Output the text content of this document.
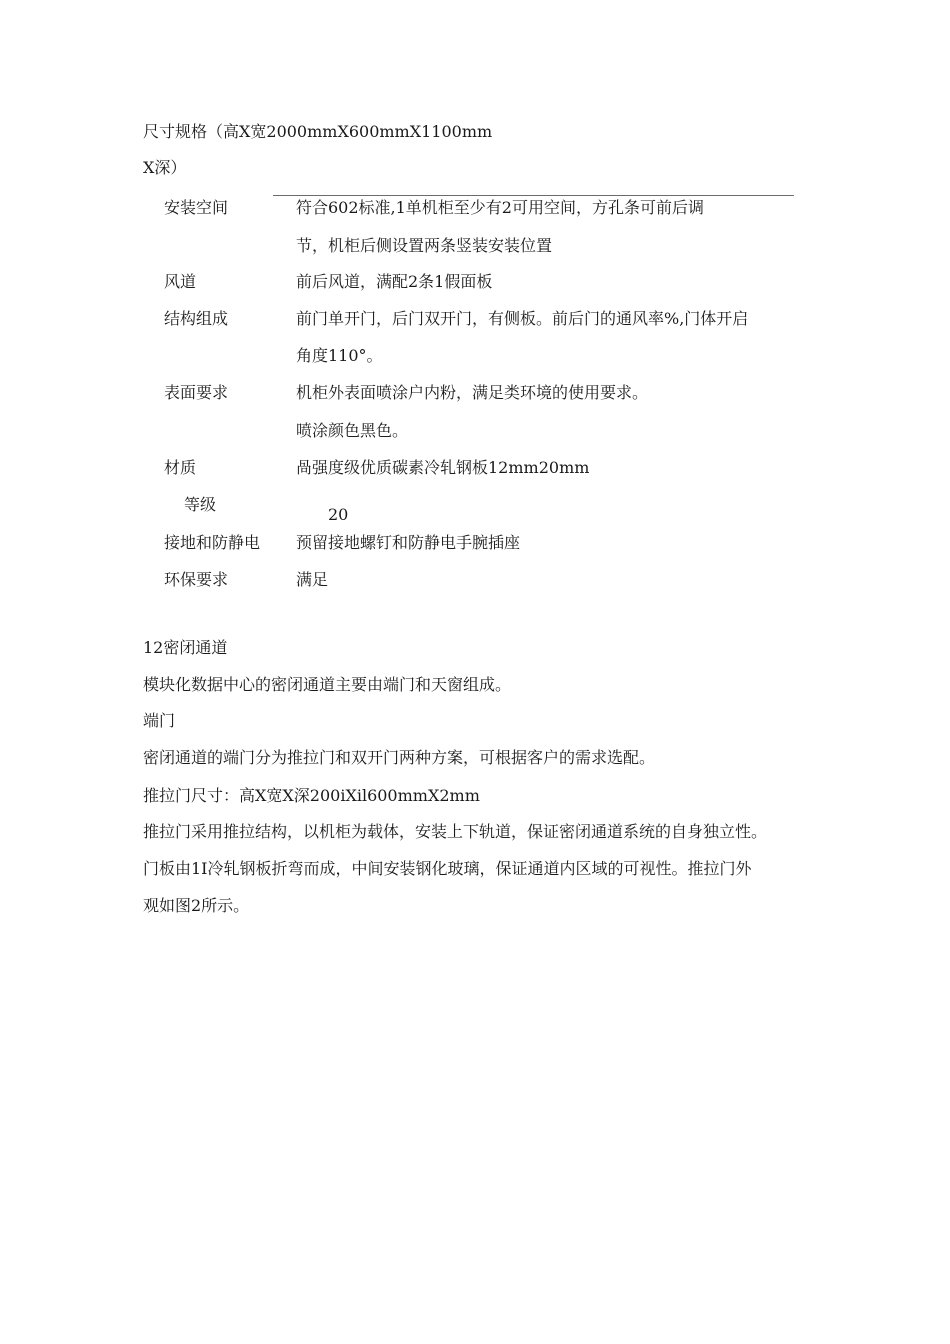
尺寸规格（高X宽2000mmX600mmX1100mm
X深）
安装空间	符合602标准,1单机柜至少有2可用空间，方孔条可前后调
节，机柜后侧设置两条竖装安装位置
风道	前后风道，满配2条1假面板
结构组成	前门单开门，后门双开门，有侧板。前后门的通风率%,门体开启
角度110°。
表面要求	机柜外表面喷涂户内粉，满足类环境的使用要求。
喷涂颜色黑色。
材质	咼强度级优质碳素冷轧钢板12mm20mm
等级
20
接地和防静电 预留接地螺钉和防静电手腕插座
环保要求	满足
12密闭通道
模块化数据中心的密闭通道主要由端门和天窗组成。
端门
密闭通道的端门分为推拉门和双开门两种方案，可根据客户的需求选配。
推拉门尺寸：高X宽X深200iXil600mmX2mm
推拉门采用推拉结构，以机柜为载体，安装上下轨道，保证密闭通道系统的自身独立性。
门板由1I冷轧钢板折弯而成，中间安装钢化玻璃，保证通道内区域的可视性。推拉门外
观如图2所示。
